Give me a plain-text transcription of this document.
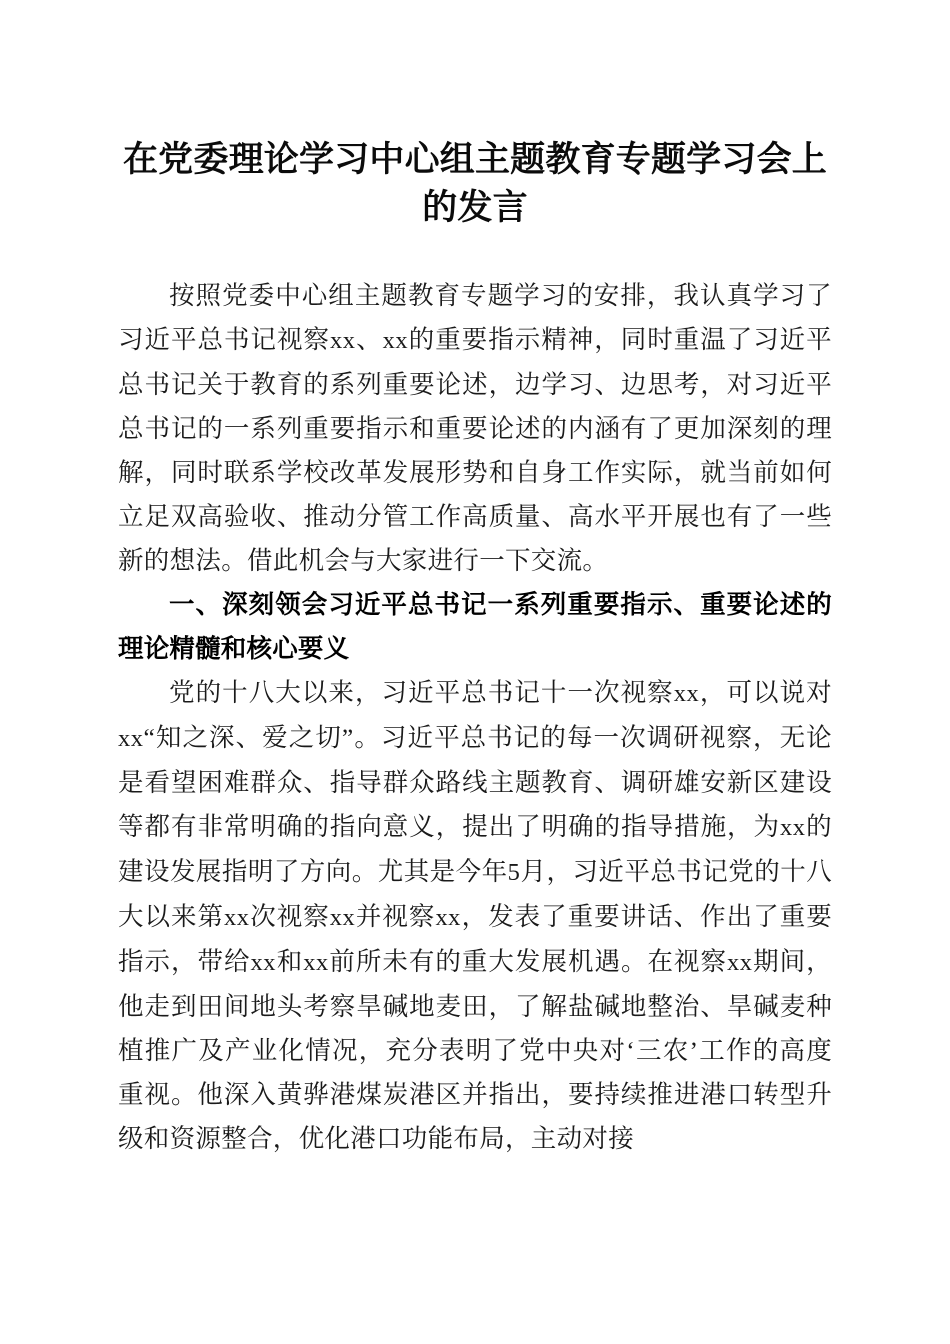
在党委理论学习中心组主题教育专题学习会上的发言

按照党委中心组主题教育专题学习的安排，我认真学习了习近平总书记视察xx、xx的重要指示精神，同时重温了习近平总书记关于教育的系列重要论述，边学习、边思考，对习近平总书记的一系列重要指示和重要论述的内涵有了更加深刻的理解，同时联系学校改革发展形势和自身工作实际，就当前如何立足双高验收、推动分管工作高质量、高水平开展也有了一些新的想法。借此机会与大家进行一下交流。

一、深刻领会习近平总书记一系列重要指示、重要论述的理论精髓和核心要义

党的十八大以来，习近平总书记十一次视察xx，可以说对xx“知之深、爱之切”。习近平总书记的每一次调研视察，无论是看望困难群众、指导群众路线主题教育、调研雄安新区建设等都有非常明确的指向意义，提出了明确的指导措施，为xx的建设发展指明了方向。尤其是今年5月，习近平总书记党的十八大以来第xx次视察xx并视察xx，发表了重要讲话、作出了重要指示，带给xx和xx前所未有的重大发展机遇。在视察xx期间，他走到田间地头考察旱碱地麦田，了解盐碱地整治、旱碱麦种植推广及产业化情况，充分表明了党中央对‘三农’工作的高度重视。他深入黄骅港煤炭港区并指出，要持续推进港口转型升级和资源整合，优化港口功能布局，主动对接
